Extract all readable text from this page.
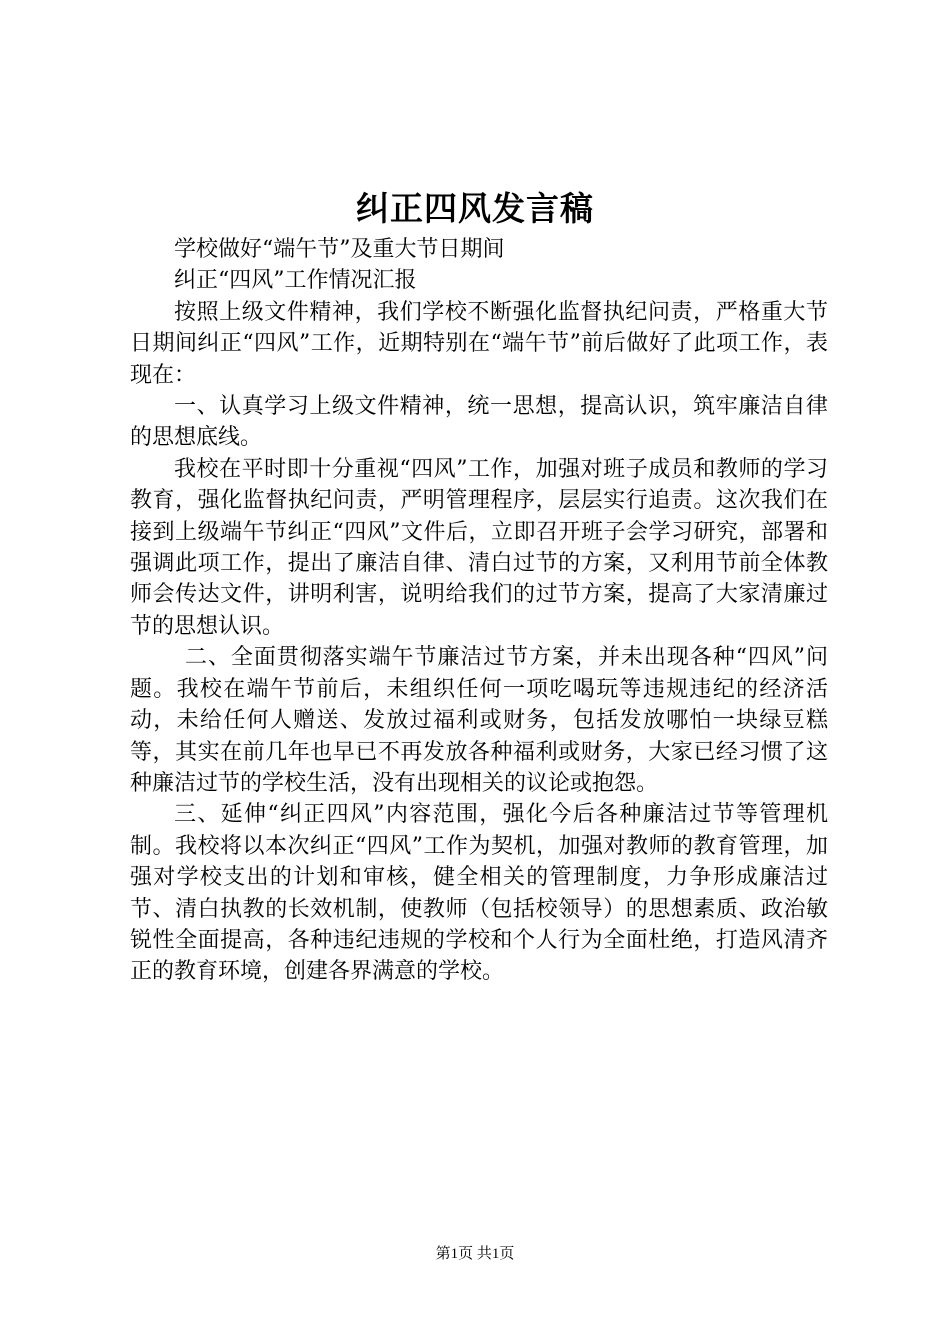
纠正四风发言稿

学校做好“端午节”及重大节日期间

纠正“四风”工作情况汇报

按照上级文件精神，我们学校不断强化监督执纪问责，严格重大节日期间纠正“四风”工作，近期特别在“端午节”前后做好了此项工作，表现在：

一、认真学习上级文件精神，统一思想，提高认识，筑牢廉洁自律的思想底线。

我校在平时即十分重视“四风”工作，加强对班子成员和教师的学习教育，强化监督执纪问责，严明管理程序，层层实行追责。这次我们在接到上级端午节纠正“四风”文件后，立即召开班子会学习研究，部署和强调此项工作，提出了廉洁自律、清白过节的方案，又利用节前全体教师会传达文件，讲明利害，说明给我们的过节方案，提高了大家清廉过节的思想认识。

二、全面贯彻落实端午节廉洁过节方案，并未出现各种“四风”问题。我校在端午节前后，未组织任何一项吃喝玩等违规违纪的经济活动，未给任何人赠送、发放过福利或财务，包括发放哪怕一块绿豆糕等，其实在前几年也早已不再发放各种福利或财务，大家已经习惯了这种廉洁过节的学校生活，没有出现相关的议论或抱怨。

三、延伸“纠正四风”内容范围，强化今后各种廉洁过节等管理机制。我校将以本次纠正“四风”工作为契机，加强对教师的教育管理，加强对学校支出的计划和审核，健全相关的管理制度，力争形成廉洁过节、清白执教的长效机制，使教师（包括校领导）的思想素质、政治敏锐性全面提高，各种违纪违规的学校和个人行为全面杜绝，打造风清齐正的教育环境，创建各界满意的学校。

第1页 共1页
